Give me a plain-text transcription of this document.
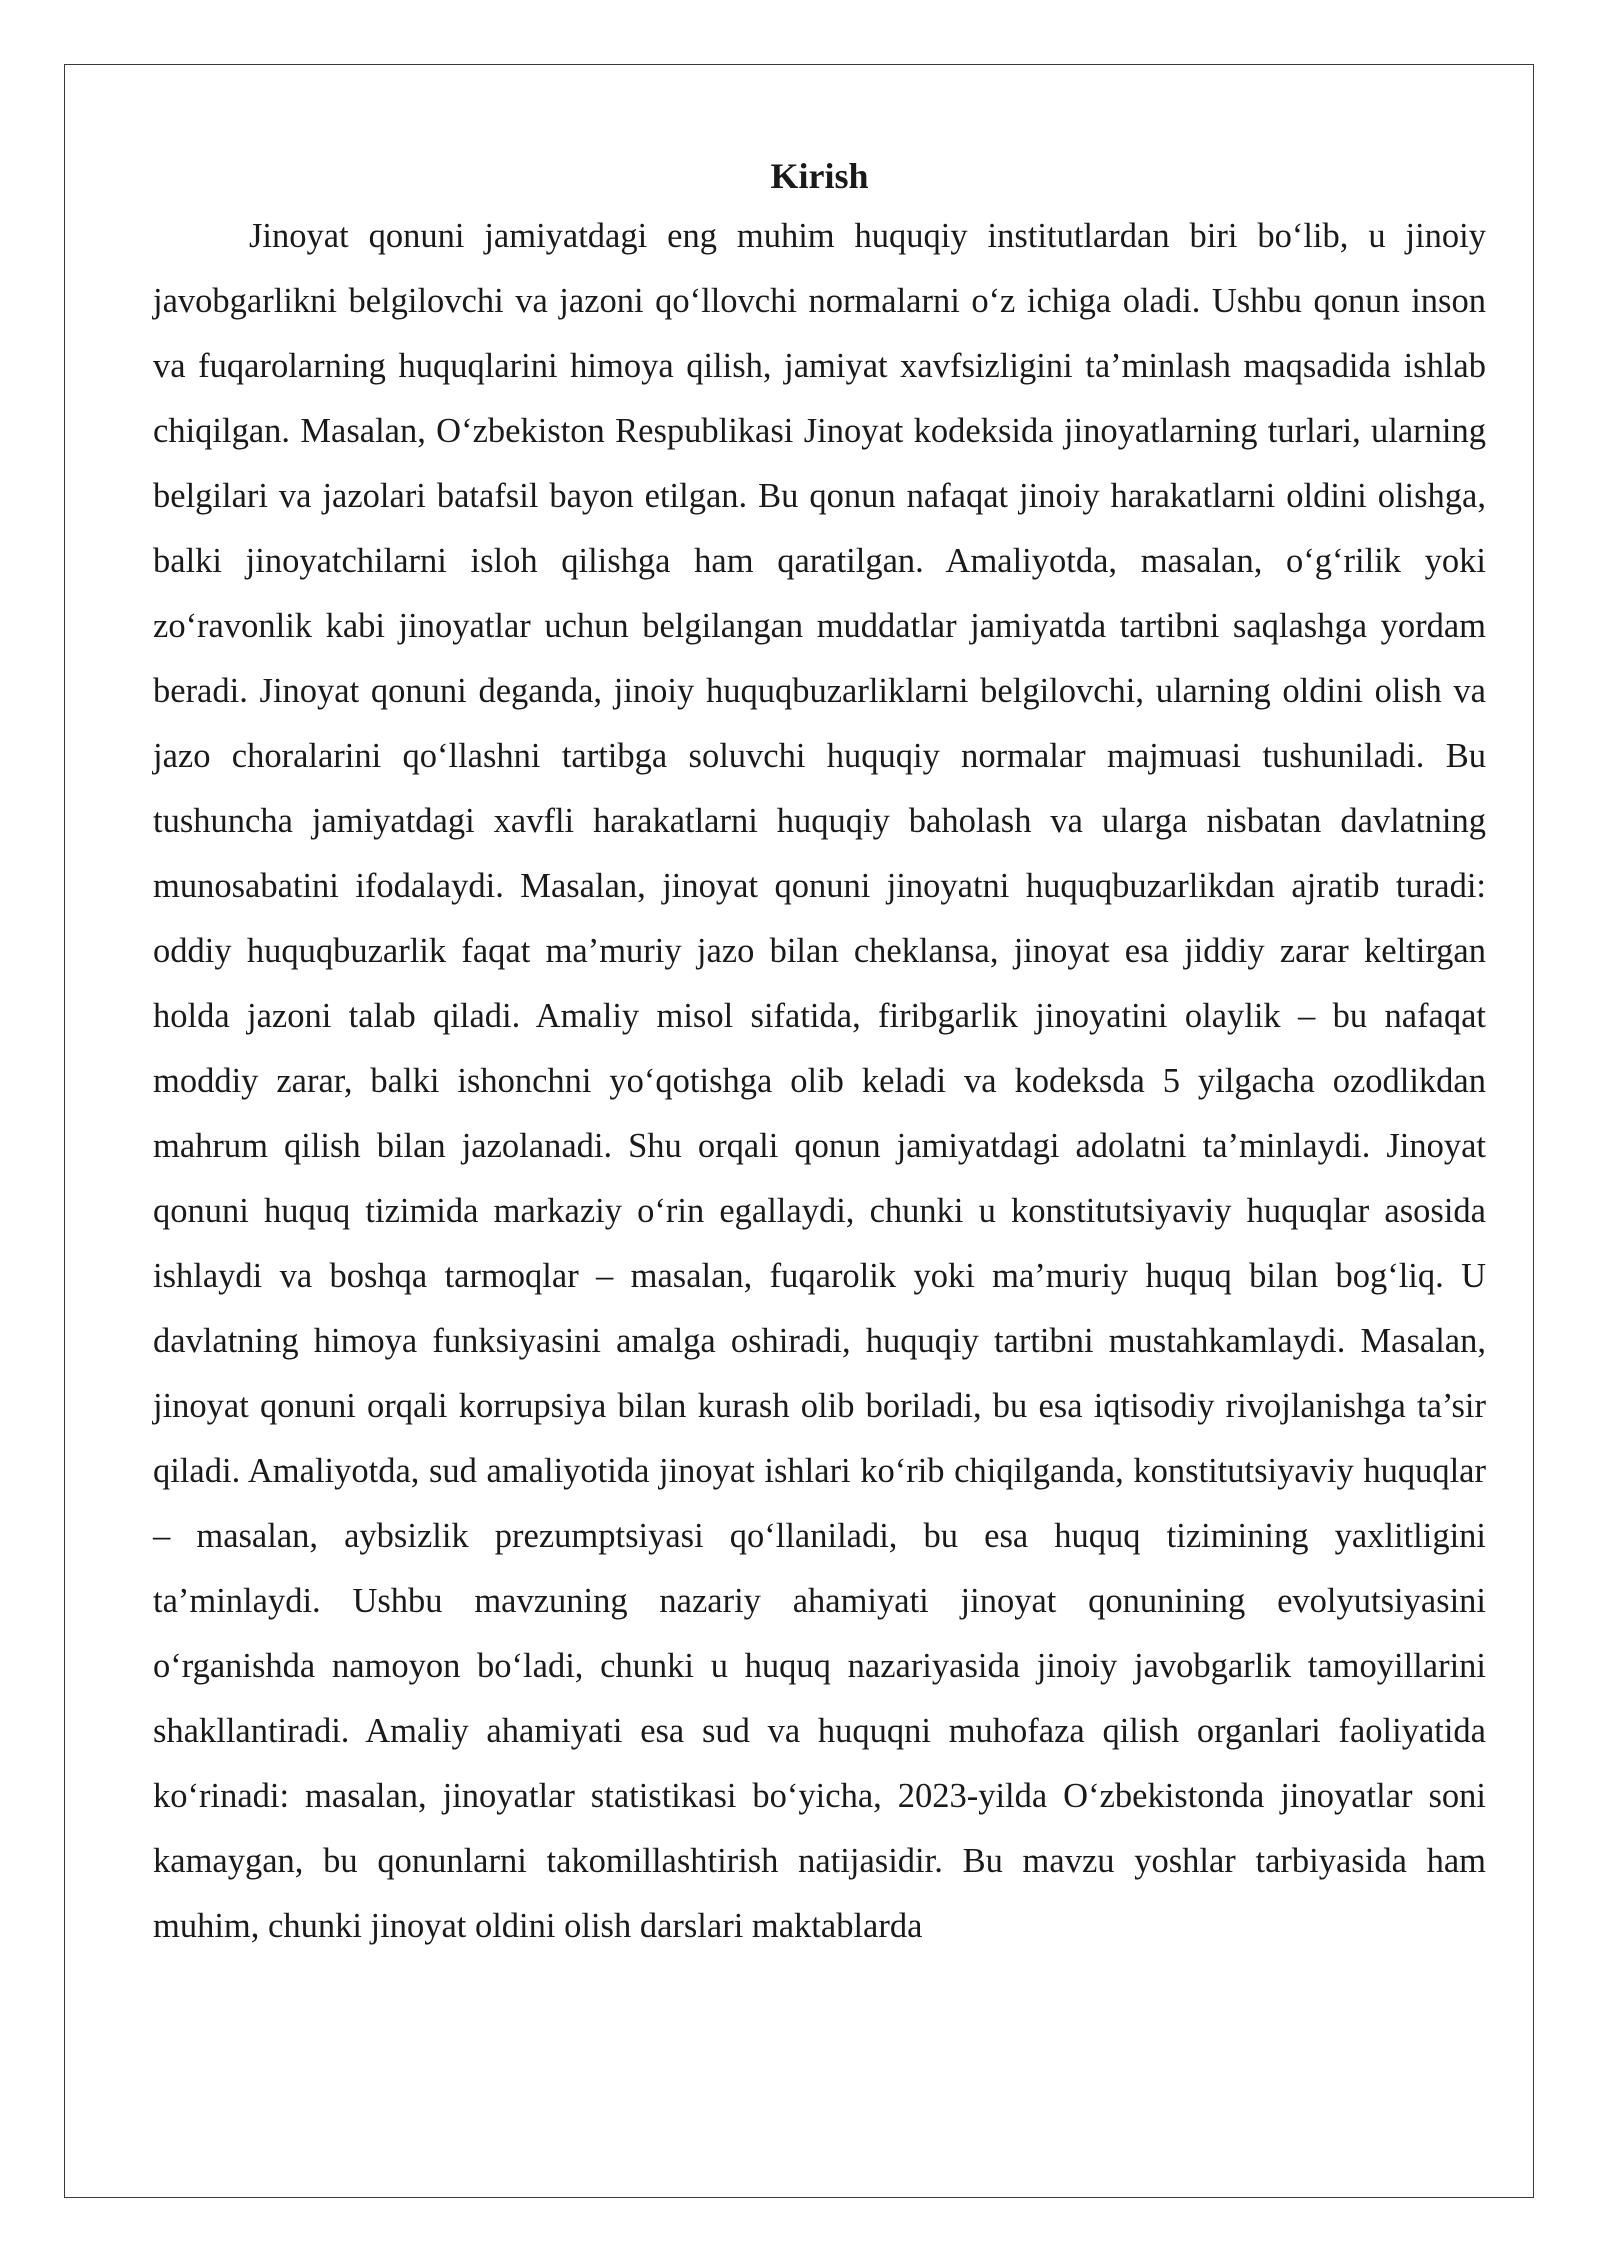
Kirish

Jinoyat qonuni jamiyatdagi eng muhim huquqiy institutlardan biri bo‘lib, u jinoiy javobgarlikni belgilovchi va jazoni qo‘llovchi normalarni o‘z ichiga oladi. Ushbu qonun inson va fuqarolarning huquqlarini himoya qilish, jamiyat xavfsizligini ta’minlash maqsadida ishlab chiqilgan. Masalan, O‘zbekiston Respublikasi Jinoyat kodeksida jinoyatlarning turlari, ularning belgilari va jazolari batafsil bayon etilgan. Bu qonun nafaqat jinoiy harakatlarni oldini olishga, balki jinoyatchilarni isloh qilishga ham qaratilgan. Amaliyotda, masalan, o‘g‘rilik yoki zo‘ravonlik kabi jinoyatlar uchun belgilangan muddatlar jamiyatda tartibni saqlashga yordam beradi. Jinoyat qonuni deganda, jinoiy huquqbuzarliklarni belgilovchi, ularning oldini olish va jazo choralarini qo‘llashni tartibga soluvchi huquqiy normalar majmuasi tushuniladi. Bu tushuncha jamiyatdagi xavfli harakatlarni huquqiy baholash va ularga nisbatan davlatning munosabatini ifodalaydi. Masalan, jinoyat qonuni jinoyatni huquqbuzarlikdan ajratib turadi: oddiy huquqbuzarlik faqat ma’muriy jazo bilan cheklansa, jinoyat esa jiddiy zarar keltirgan holda jazoni talab qiladi. Amaliy misol sifatida, firibgarlik jinoyatini olaylik – bu nafaqat moddiy zarar, balki ishonchni yo‘qotishga olib keladi va kodeksda 5 yilgacha ozodlikdan mahrum qilish bilan jazolanadi. Shu orqali qonun jamiyatdagi adolatni ta’minlaydi. Jinoyat qonuni huquq tizimida markaziy o‘rin egallaydi, chunki u konstitutsiyaviy huquqlar asosida ishlaydi va boshqa tarmoqlar – masalan, fuqarolik yoki ma’muriy huquq bilan bog‘liq. U davlatning himoya funksiyasini amalga oshiradi, huquqiy tartibni mustahkamlaydi. Masalan, jinoyat qonuni orqali korrupsiya bilan kurash olib boriladi, bu esa iqtisodiy rivojlanishga ta’sir qiladi. Amaliyotda, sud amaliyotida jinoyat ishlari ko‘rib chiqilganda, konstitutsiyaviy huquqlar – masalan, aybsizlik prezumptsiyasi qo‘llaniladi, bu esa huquq tizimining yaxlitligini ta’minlaydi. Ushbu mavzuning nazariy ahamiyati jinoyat qonunining evolyutsiyasini o‘rganishda namoyon bo‘ladi, chunki u huquq nazariyasida jinoiy javobgarlik tamoyillarini shakllantiradi. Amaliy ahamiyati esa sud va huquqni muhofaza qilish organlari faoliyatida ko‘rinadi: masalan, jinoyatlar statistikasi bo‘yicha, 2023-yilda O‘zbekistonda jinoyatlar soni kamaygan, bu qonunlarni takomillashtirish natijasidir. Bu mavzu yoshlar tarbiyasida ham muhim, chunki jinoyat oldini olish darslari maktablarda
